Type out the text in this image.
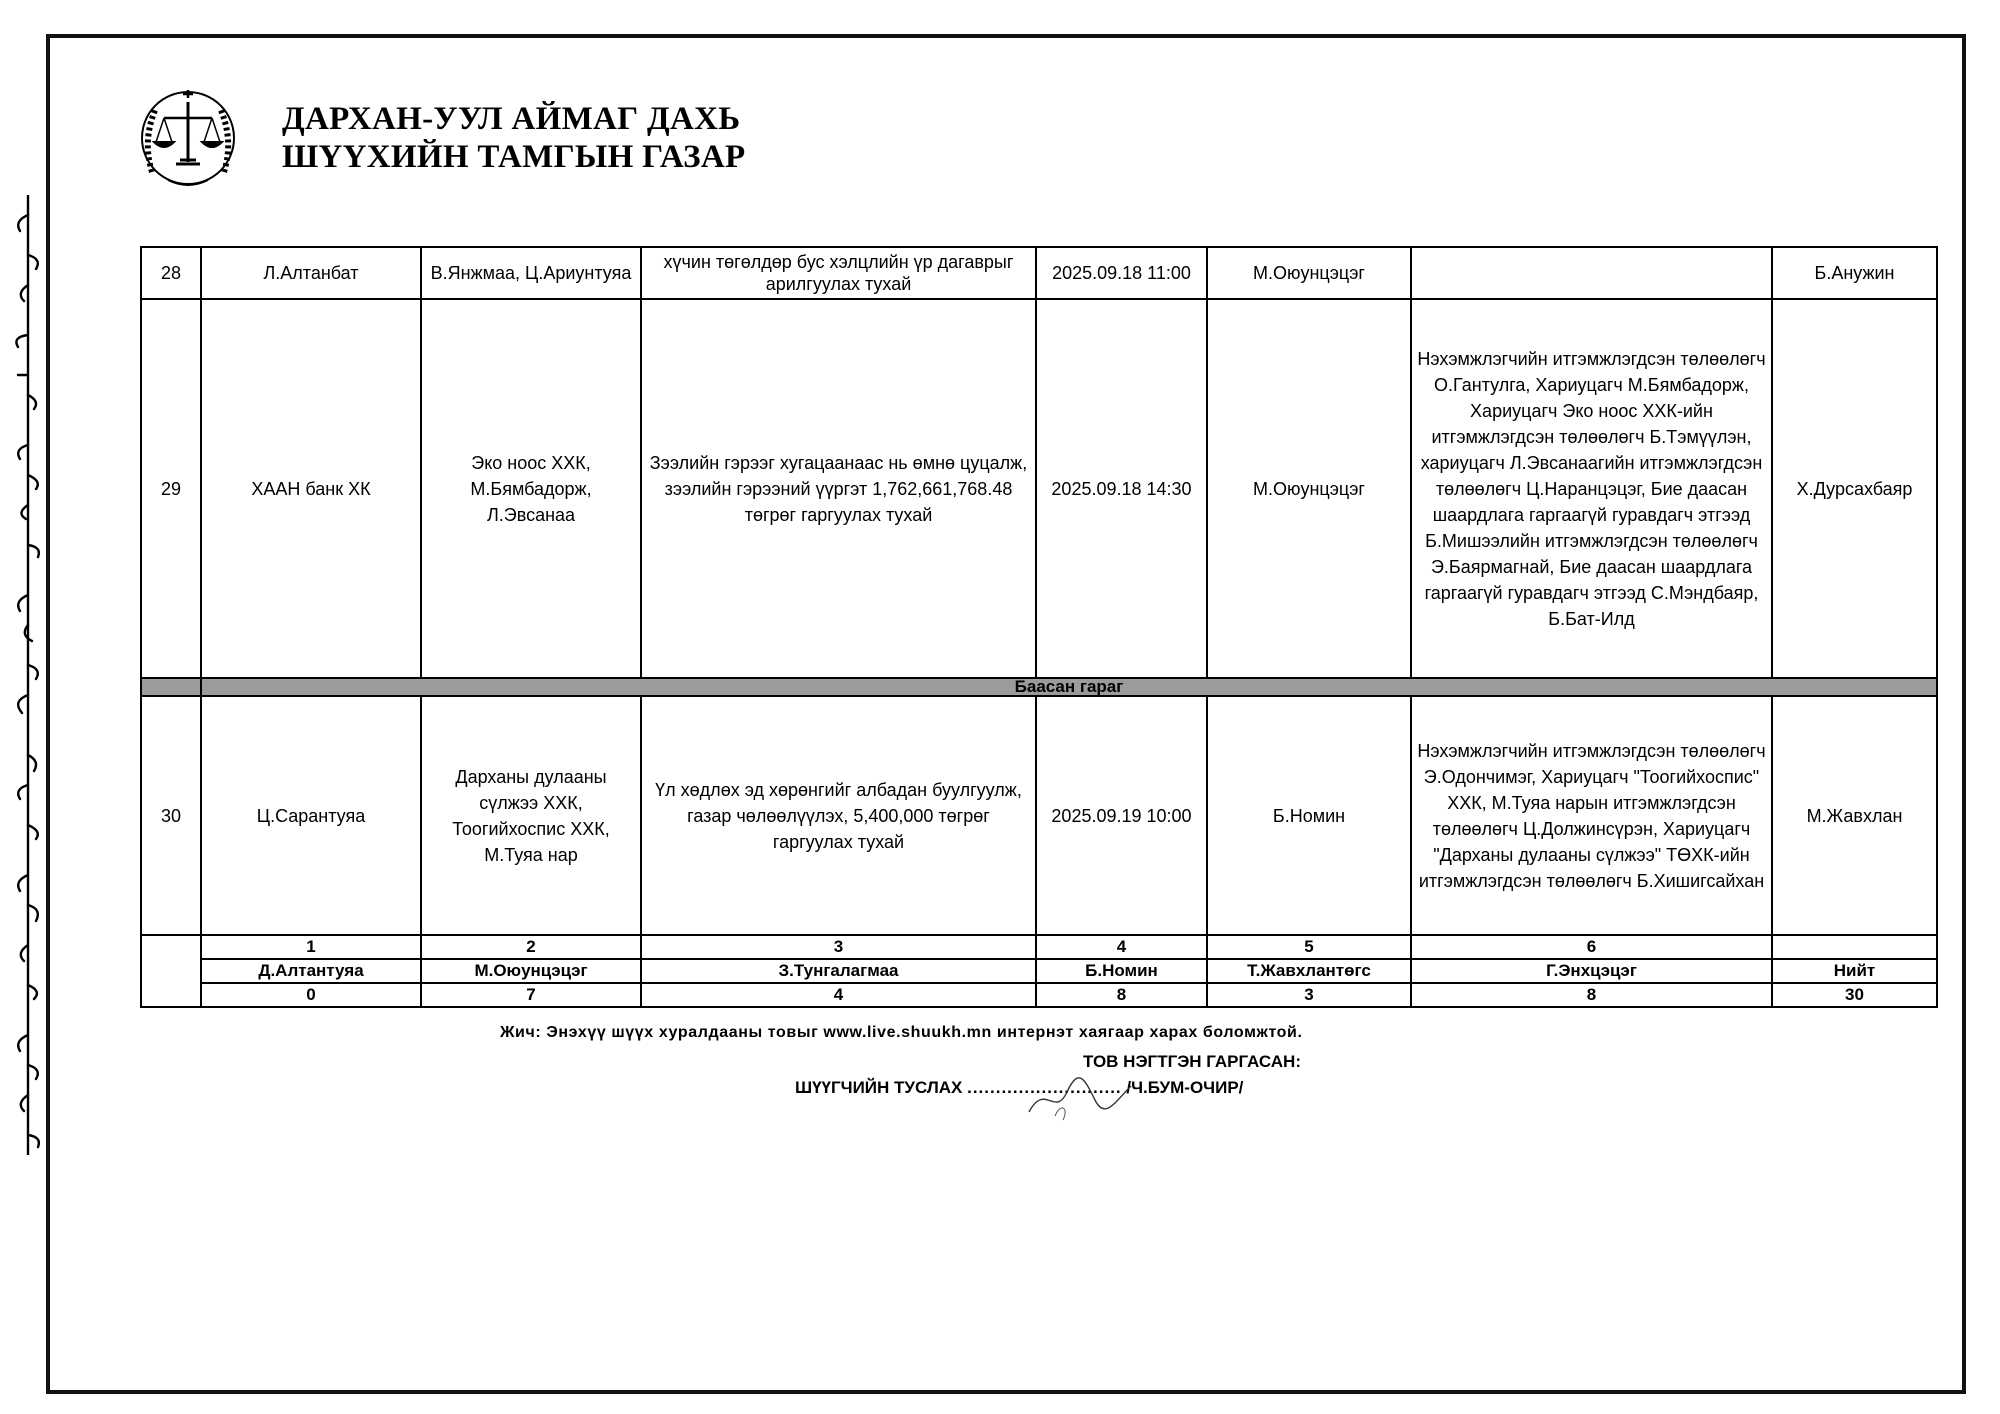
ДАРХАН-УУЛ АЙМАГ ДАХЬ
ШҮҮХИЙН ТАМГЫН ГАЗАР
28	Л.Алтанбат	В.Янжмаа, Ц.Ариунтуяа	хүчин төгөлдөр бус хэлцлийн үр дагаврыг арилгуулах тухай	2025.09.18 11:00	М.Оюунцэцэг		Б.Анужин
29	ХААН банк ХК	Эко ноос ХХК, М.Бямбадорж, Л.Эвсанаа	Зээлийн гэрээг хугацаанаас нь өмнө цуцалж, зээлийн гэрээний үүргэт 1,762,661,768.48 төгрөг гаргуулах тухай	2025.09.18 14:30	М.Оюунцэцэг	Нэхэмжлэгчийн итгэмжлэгдсэн төлөөлөгч О.Гантулга, Хариуцагч М.Бямбадорж, Хариуцагч Эко ноос ХХК-ийн итгэмжлэгдсэн төлөөлөгч Б.Тэмүүлэн, хариуцагч Л.Эвсанаагийн итгэмжлэгдсэн төлөөлөгч Ц.Наранцэцэг, Бие даасан шаардлага гаргаагүй гуравдагч этгээд Б.Мишээлийн итгэмжлэгдсэн төлөөлөгч Э.Баярмагнай, Бие даасан шаардлага гаргаагүй гуравдагч этгээд С.Мэндбаяр, Б.Бат-Илд	Х.Дурсахбаяр
	Баасан гараг						
30	Ц.Сарантуяа	Дарханы дулааны сүлжээ ХХК, Тоогийхоспис ХХК, М.Туяа нар	Үл хөдлөх эд хөрөнгийг албадан буулгуулж, газар чөлөөлүүлэх, 5,400,000 төгрөг гаргуулах тухай	2025.09.19 10:00	Б.Номин	Нэхэмжлэгчийн итгэмжлэгдсэн төлөөлөгч Э.Одончимэг, Хариуцагч "Тоогийхоспис" ХХК, М.Туяа нарын итгэмжлэгдсэн төлөөлөгч Ц.Должинсүрэн, Хариуцагч "Дарханы дулааны сүлжээ" ТӨХК-ийн итгэмжлэгдсэн төлөөлөгч Б.Хишигсайхан	М.Жавхлан
	1	2	3	4	5	6	
	Д.Алтантуяа	М.Оюунцэцэг	З.Тунгалагмаа	Б.Номин	Т.Жавхлантөгс	Г.Энхцэцэг	Нийт
	0	7	4	8	3	8	30
Жич: Энэхүү шүүх хуралдааны товыг www.live.shuukh.mn интернэт хаягаар харах боломжтой.
ТОВ НЭГТГЭН ГАРГАСАН:
ШҮҮГЧИЙН ТУСЛАХ ........................... /Ч.БУМ-ОЧИР/
